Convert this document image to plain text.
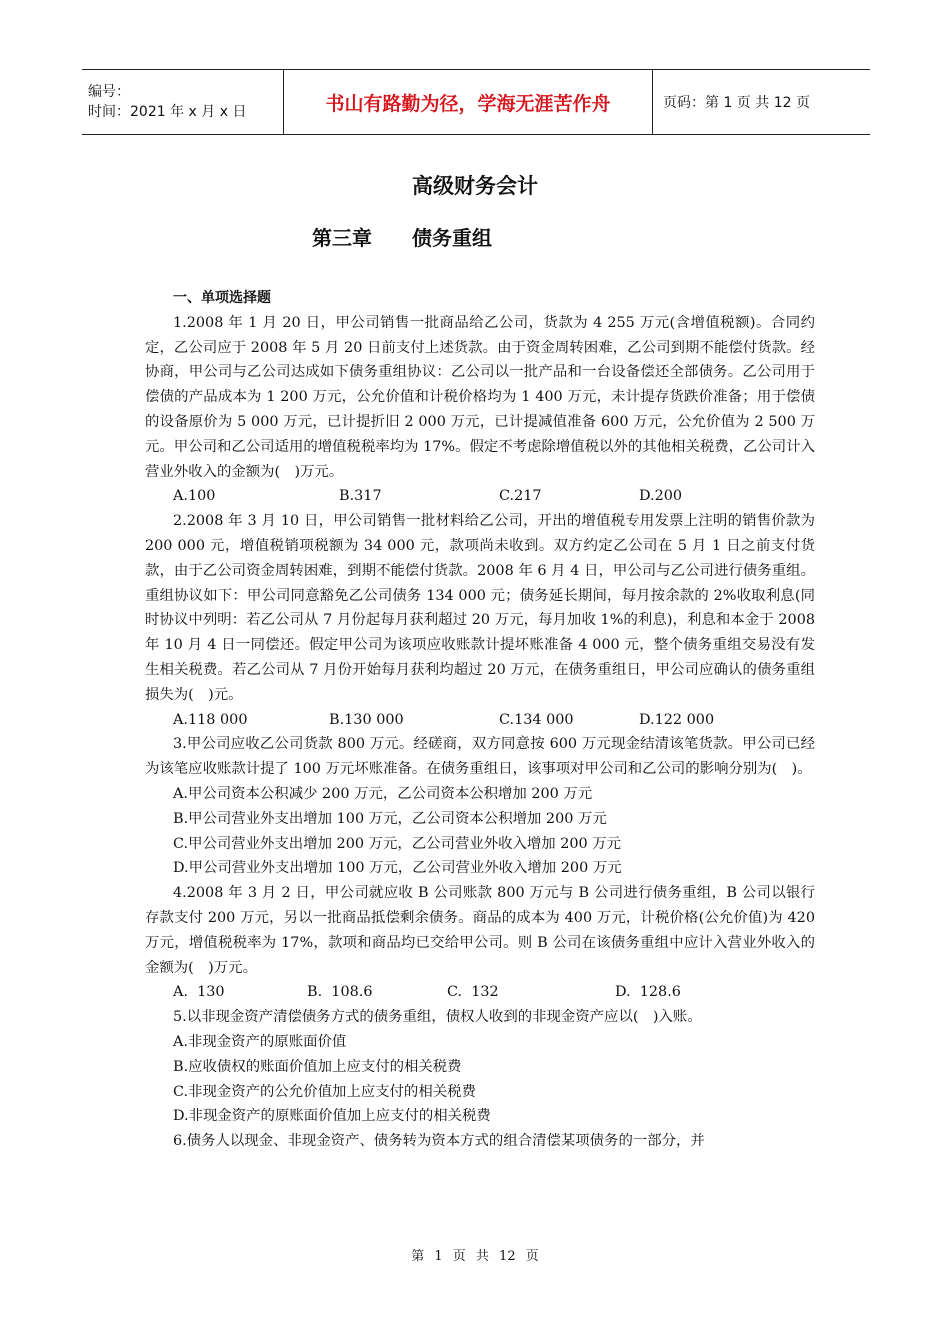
编号：
时间：2021 年 x 月 x 日	书山有路勤为径，学海无涯苦作舟	页码：第 1 页 共 12 页
高级财务会计
第三章　　债务重组
一、单项选择题

1.2008 年 1 月 20 日，甲公司销售一批商品给乙公司，货款为 4 255 万元(含增值税额)。合同约定，乙公司应于 2008 年 5 月 20 日前支付上述货款。由于资金周转困难，乙公司到期不能偿付货款。经协商，甲公司与乙公司达成如下债务重组协议：乙公司以一批产品和一台设备偿还全部债务。乙公司用于偿债的产品成本为 1 200 万元，公允价值和计税价格均为 1 400 万元，未计提存货跌价准备；用于偿债的设备原价为 5 000 万元，已计提折旧 2 000 万元，已计提减值准备 600 万元，公允价值为 2 500 万元。甲公司和乙公司适用的增值税税率均为 17%。假定不考虑除增值税以外的其他相关税费，乙公司计入营业外收入的金额为(　)万元。

A.100	B.317	C.217	D.200

2.2008 年 3 月 10 日，甲公司销售一批材料给乙公司，开出的增值税专用发票上注明的销售价款为 200 000 元，增值税销项税额为 34 000 元，款项尚未收到。双方约定乙公司在 5 月 1 日之前支付货款，由于乙公司资金周转困难，到期不能偿付货款。2008 年 6 月 4 日，甲公司与乙公司进行债务重组。重组协议如下：甲公司同意豁免乙公司债务 134 000 元；债务延长期间，每月按余款的 2%收取利息(同时协议中列明：若乙公司从 7 月份起每月获利超过 20 万元，每月加收 1%的利息)，利息和本金于 2008 年 10 月 4 日一同偿还。假定甲公司为该项应收账款计提坏账准备 4 000 元，整个债务重组交易没有发生相关税费。若乙公司从 7 月份开始每月获利均超过 20 万元，在债务重组日，甲公司应确认的债务重组损失为(　)元。

A.118 000	B.130 000	C.134 000	D.122 000

3.甲公司应收乙公司货款 800 万元。经磋商，双方同意按 600 万元现金结清该笔货款。甲公司已经为该笔应收账款计提了 100 万元坏账准备。在债务重组日，该事项对甲公司和乙公司的影响分别为(　)。

A.甲公司资本公积减少 200 万元，乙公司资本公积增加 200 万元
B.甲公司营业外支出增加 100 万元，乙公司资本公积增加 200 万元
C.甲公司营业外支出增加 200 万元，乙公司营业外收入增加 200 万元
D.甲公司营业外支出增加 100 万元，乙公司营业外收入增加 200 万元

4.2008 年 3 月 2 日，甲公司就应收 B 公司账款 800 万元与 B 公司进行债务重组，B 公司以银行存款支付 200 万元，另以一批商品抵偿剩余债务。商品的成本为 400 万元，计税价格(公允价值)为 420 万元，增值税税率为 17%，款项和商品均已交给甲公司。则 B 公司在该债务重组中应计入营业外收入的金额为(　)万元。

A.  130	B.  108.6	C.  132	D.  128.6

5.以非现金资产清偿债务方式的债务重组，债权人收到的非现金资产应以(　)入账。

A.非现金资产的原账面价值
B.应收债权的账面价值加上应支付的相关税费
C.非现金资产的公允价值加上应支付的相关税费
D.非现金资产的原账面价值加上应支付的相关税费

6.债务人以现金、非现金资产、债务转为资本方式的组合清偿某项债务的一部分，并

第 1 页 共 12 页
